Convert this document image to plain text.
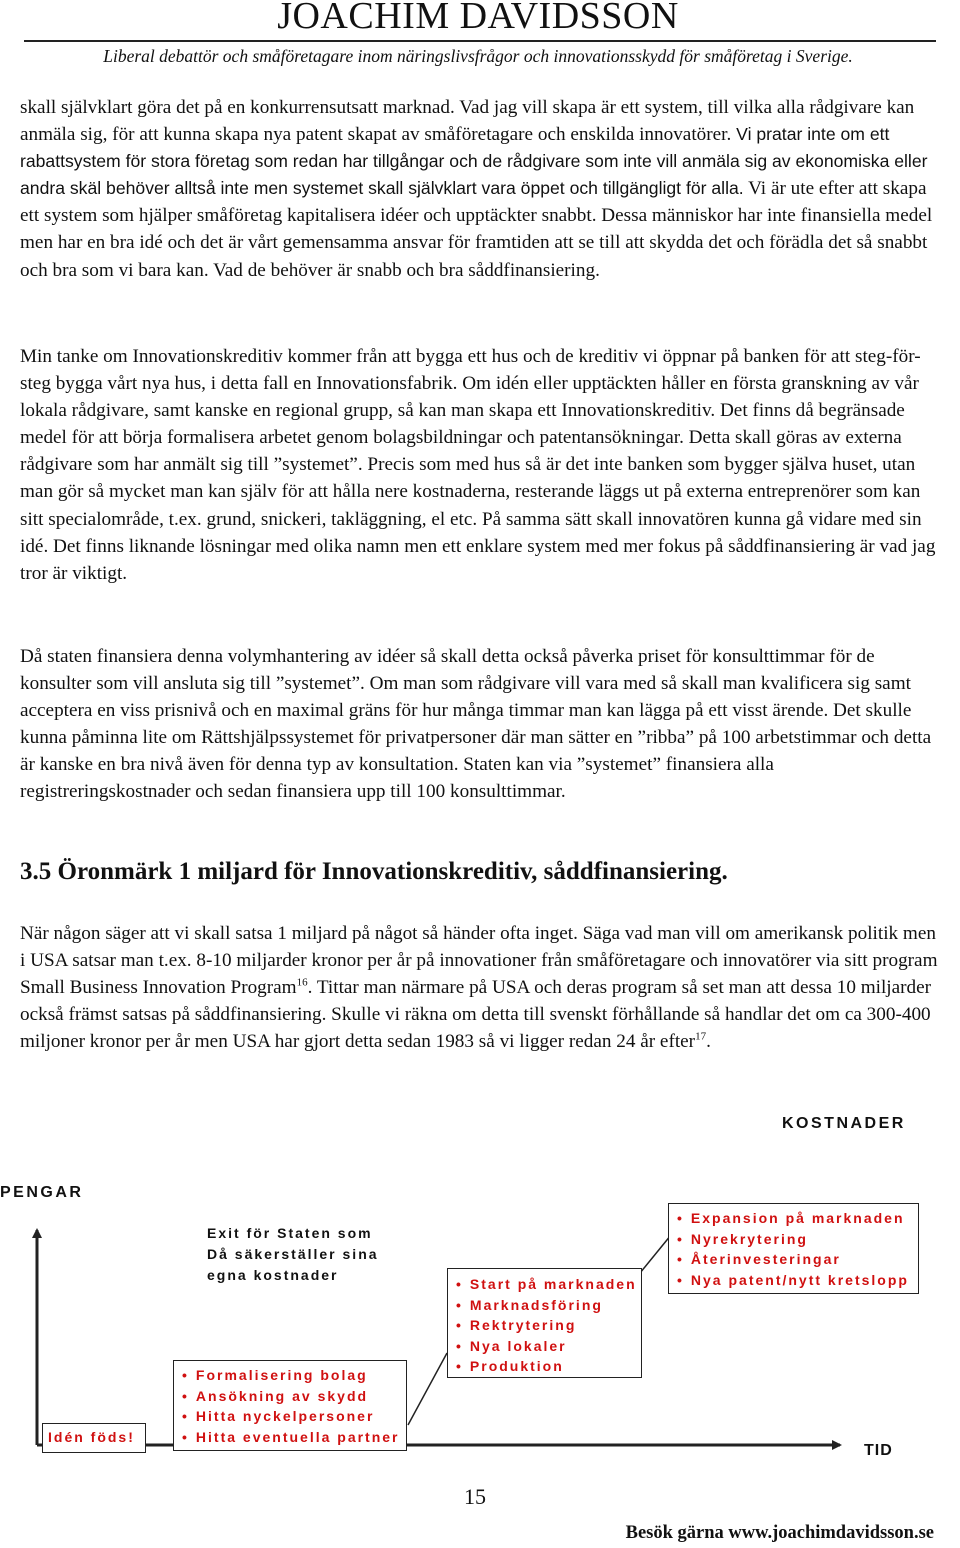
JOACHIM DAVIDSSON
Liberal debattör och småföretagare inom näringslivsfrågor och innovationsskydd för småföretag i Sverige.
skall självklart göra det på en konkurrensutsatt marknad. Vad jag vill skapa är ett system, till vilka alla rådgivare kan anmäla sig, för att kunna skapa nya patent skapat av småföretagare och enskilda innovatörer. Vi pratar inte om ett rabattsystem för stora företag som redan har tillgångar och de rådgivare som inte vill anmäla sig av ekonomiska eller andra skäl behöver alltså inte men systemet skall självklart vara öppet och tillgängligt för alla. Vi är ute efter att skapa ett system som hjälper småföretag kapitalisera idéer och upptäckter snabbt. Dessa människor har inte finansiella medel men har en bra idé och det är vårt gemensamma ansvar för framtiden att se till att skydda det och förädla det så snabbt och bra som vi bara kan. Vad de behöver är snabb och bra såddfinansiering.
Min tanke om Innovationskreditiv kommer från att bygga ett hus och de kreditiv vi öppnar på banken för att steg-för-steg bygga vårt nya hus, i detta fall en Innovationsfabrik. Om idén eller upptäckten håller en första granskning av vår lokala rådgivare, samt kanske en regional grupp, så kan man skapa ett Innovationskreditiv. Det finns då begränsade medel för att börja formalisera arbetet genom bolagsbildningar och patentansökningar. Detta skall göras av externa rådgivare som har anmält sig till ”systemet”. Precis som med hus så är det inte banken som bygger själva huset, utan man gör så mycket man kan själv för att hålla nere kostnaderna, resterande läggs ut på externa entreprenörer som kan sitt specialområde, t.ex. grund, snickeri, takläggning, el etc. På samma sätt skall innovatören kunna gå vidare med sin idé. Det finns liknande lösningar med olika namn men ett enklare system med mer fokus på såddfinansiering är vad jag tror är viktigt.
Då staten finansiera denna volymhantering av idéer så skall detta också påverka priset för konsulttimmar för de konsulter som vill ansluta sig till ”systemet”. Om man som rådgivare vill vara med så skall man kvalificera sig samt acceptera en viss prisnivå och en maximal gräns för hur många timmar man kan lägga på ett visst ärende. Det skulle kunna påminna lite om Rättshjälpssystemet för privatpersoner där man sätter en ”ribba” på 100 arbetstimmar och detta är kanske en bra nivå även för denna typ av konsultation. Staten kan via ”systemet” finansiera alla registreringskostnader och sedan finansiera upp till 100 konsulttimmar.
3.5 Öronmärk 1 miljard för Innovationskreditiv, såddfinansiering.
När någon säger att vi skall satsa 1 miljard på något så händer ofta inget. Säga vad man vill om amerikansk politik men i USA satsar man t.ex. 8-10 miljarder kronor per år på innovationer från småföretagare och innovatörer via sitt program Small Business Innovation Program$^{16}$. Tittar man närmare på USA och deras program så set man att dessa 10 miljarder också främst satsas på såddfinansiering. Skulle vi räkna om detta till svenskt förhållande så handlar det om ca 300-400 miljoner kronor per år men USA har gjort detta sedan 1983 så vi ligger redan 24 år efter$^{17}$.
KOSTNADER
PENGAR
TID
Idén föds!
Exit för Staten som
Då säkerställer sina
egna kostnader
• Formalisering bolag
• Ansökning av skydd
• Hitta nyckelpersoner
• Hitta eventuella partner
• Start på marknaden
• Marknadsföring
• Rektrytering
• Nya lokaler
• Produktion
• Expansion på marknaden
• Nyrekrytering
• Återinvesteringar
• Nya patent/nytt kretslopp
15
Besök gärna www.joachimdavidsson.se
